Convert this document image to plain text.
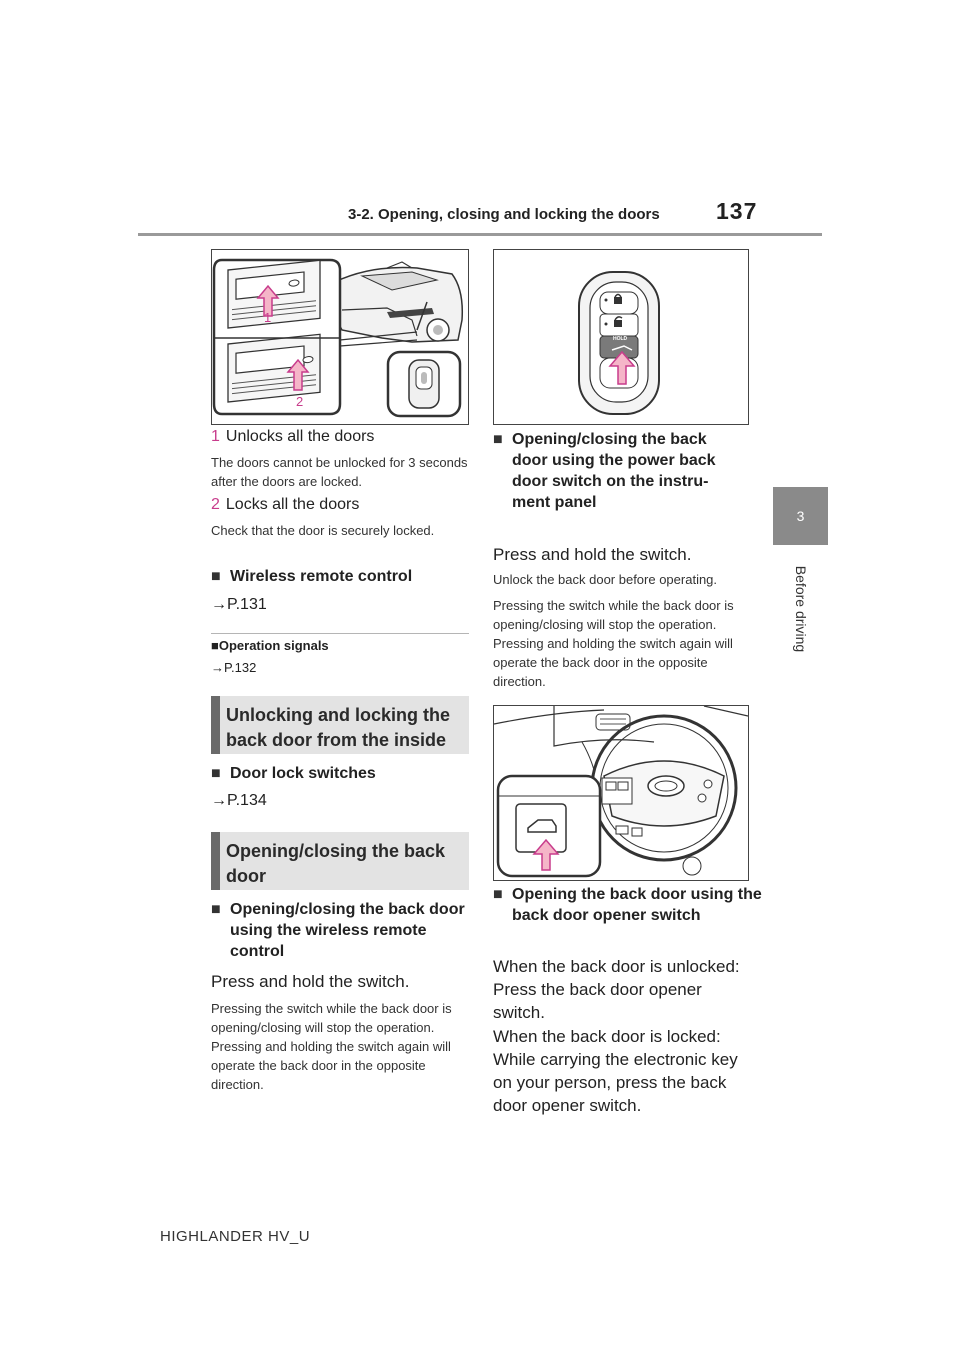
3-2. Opening, closing and locking the doors 137
3
Before driving
1
2
1 Unlocks all the doors
The doors cannot be unlocked for 3 seconds after the doors are locked.
2 Locks all the doors
Check that the door is securely locked.
■ Wireless remote control
→P.131
■Operation signals
→P.132
Unlocking and locking the back door from the inside
■ Door lock switches
→P.134
Opening/closing the back door
■ Opening/closing the back door using the wireless remote control
Press and hold the switch.
Pressing the switch while the back door is opening/closing will stop the operation. Pressing and holding the switch again will operate the back door in the opposite direction.
HOLD
■ Opening/closing the back
door using the power back
door switch on the instru-
ment panel
Press and hold the switch.
Unlock the back door before operating.
Pressing the switch while the back door is opening/closing will stop the operation. Pressing and holding the switch again will operate the back door in the opposite direction.
■ Opening the back door using the back door opener switch
When the back door is unlocked: Press the back door opener switch.
When the back door is locked: While carrying the electronic key on your person, press the back door opener switch.
HIGHLANDER HV_U
